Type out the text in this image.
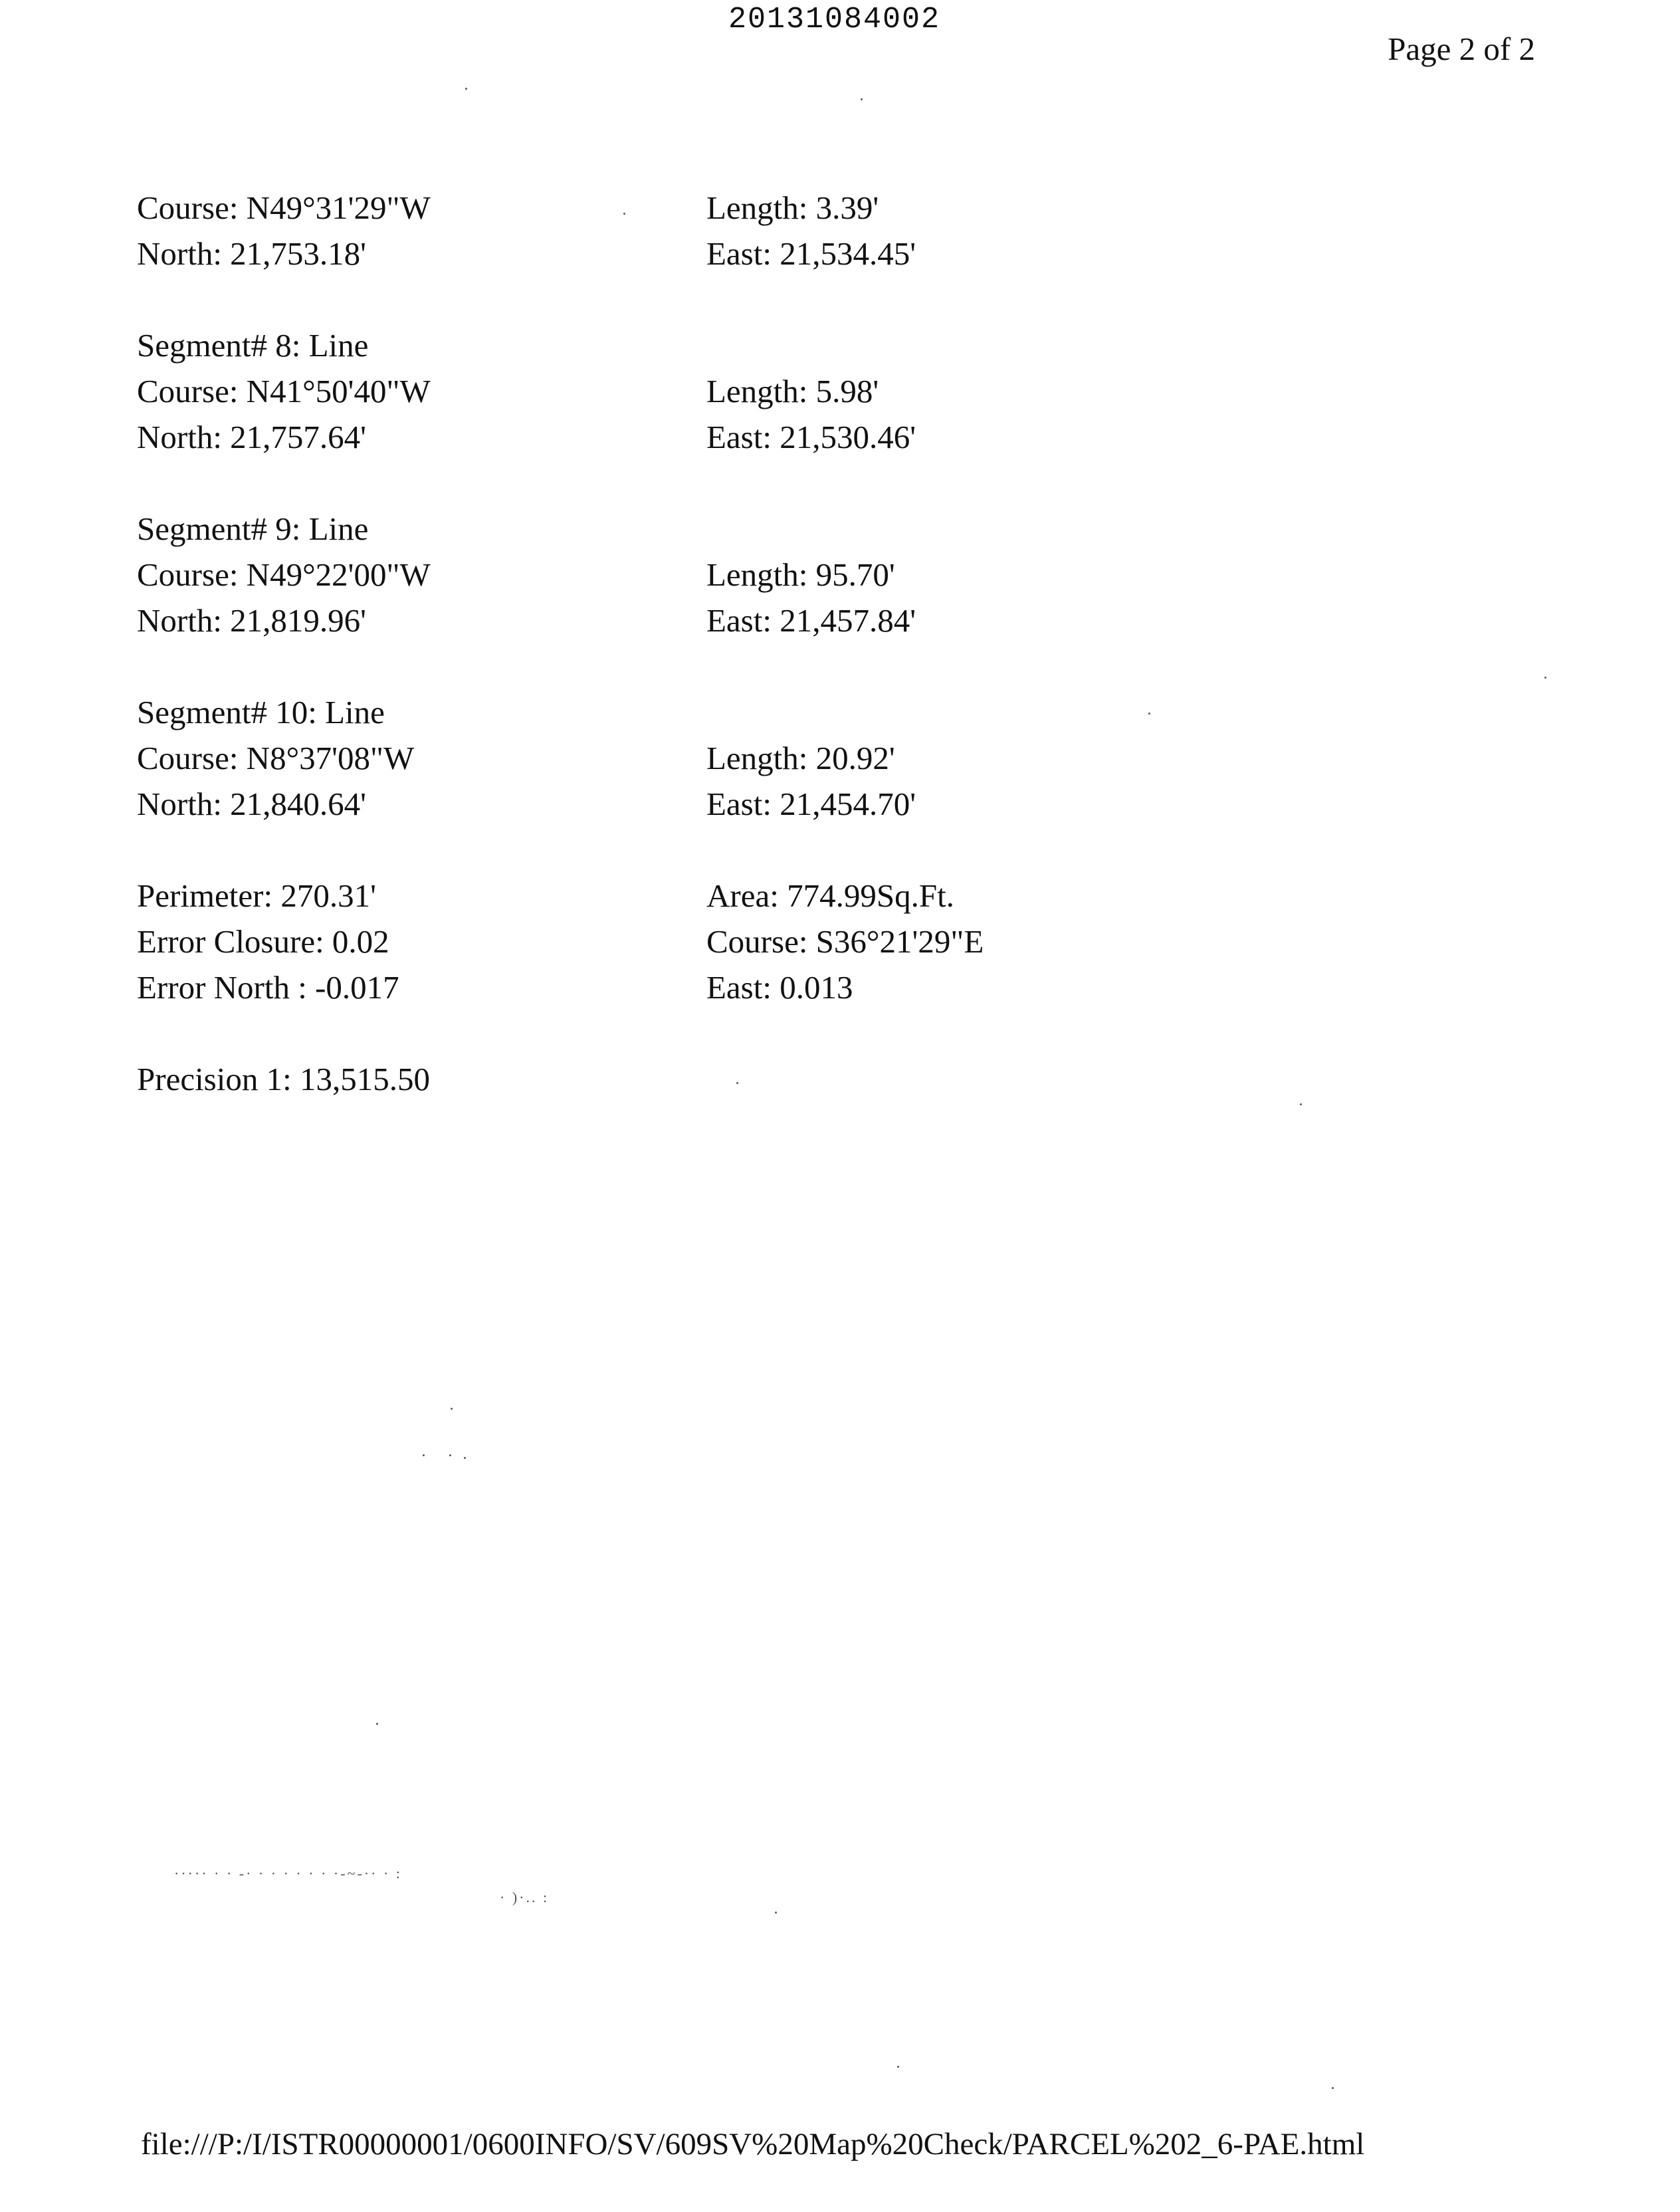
20131084002
Page 2 of 2
Course: N49°31'29"W
North: 21,753.18'
Segment# 8: Line
Course: N41°50'40"W
North: 21,757.64'
Segment# 9: Line
Course: N49°22'00"W
North: 21,819.96'
Segment# 10: Line
Course: N8°37'08"W
North: 21,840.64'
Perimeter: 270.31'
Error Closure: 0.02
Error North : -0.017
Precision 1: 13,515.50
Length: 3.39'
East: 21,534.45'
Length: 5.98'
East: 21,530.46'
Length: 95.70'
East: 21,457.84'
Length: 20.92'
East: 21,454.70'
Area: 774.99Sq.Ft.
Course: S36°21'29"E
East: 0.013
····· · · -· · · · · · · ·-~-·· · :
· )·.. :
file:///P:/I/ISTR00000001/0600INFO/SV/609SV%20Map%20Check/PARCEL%202_6-PAE.html
